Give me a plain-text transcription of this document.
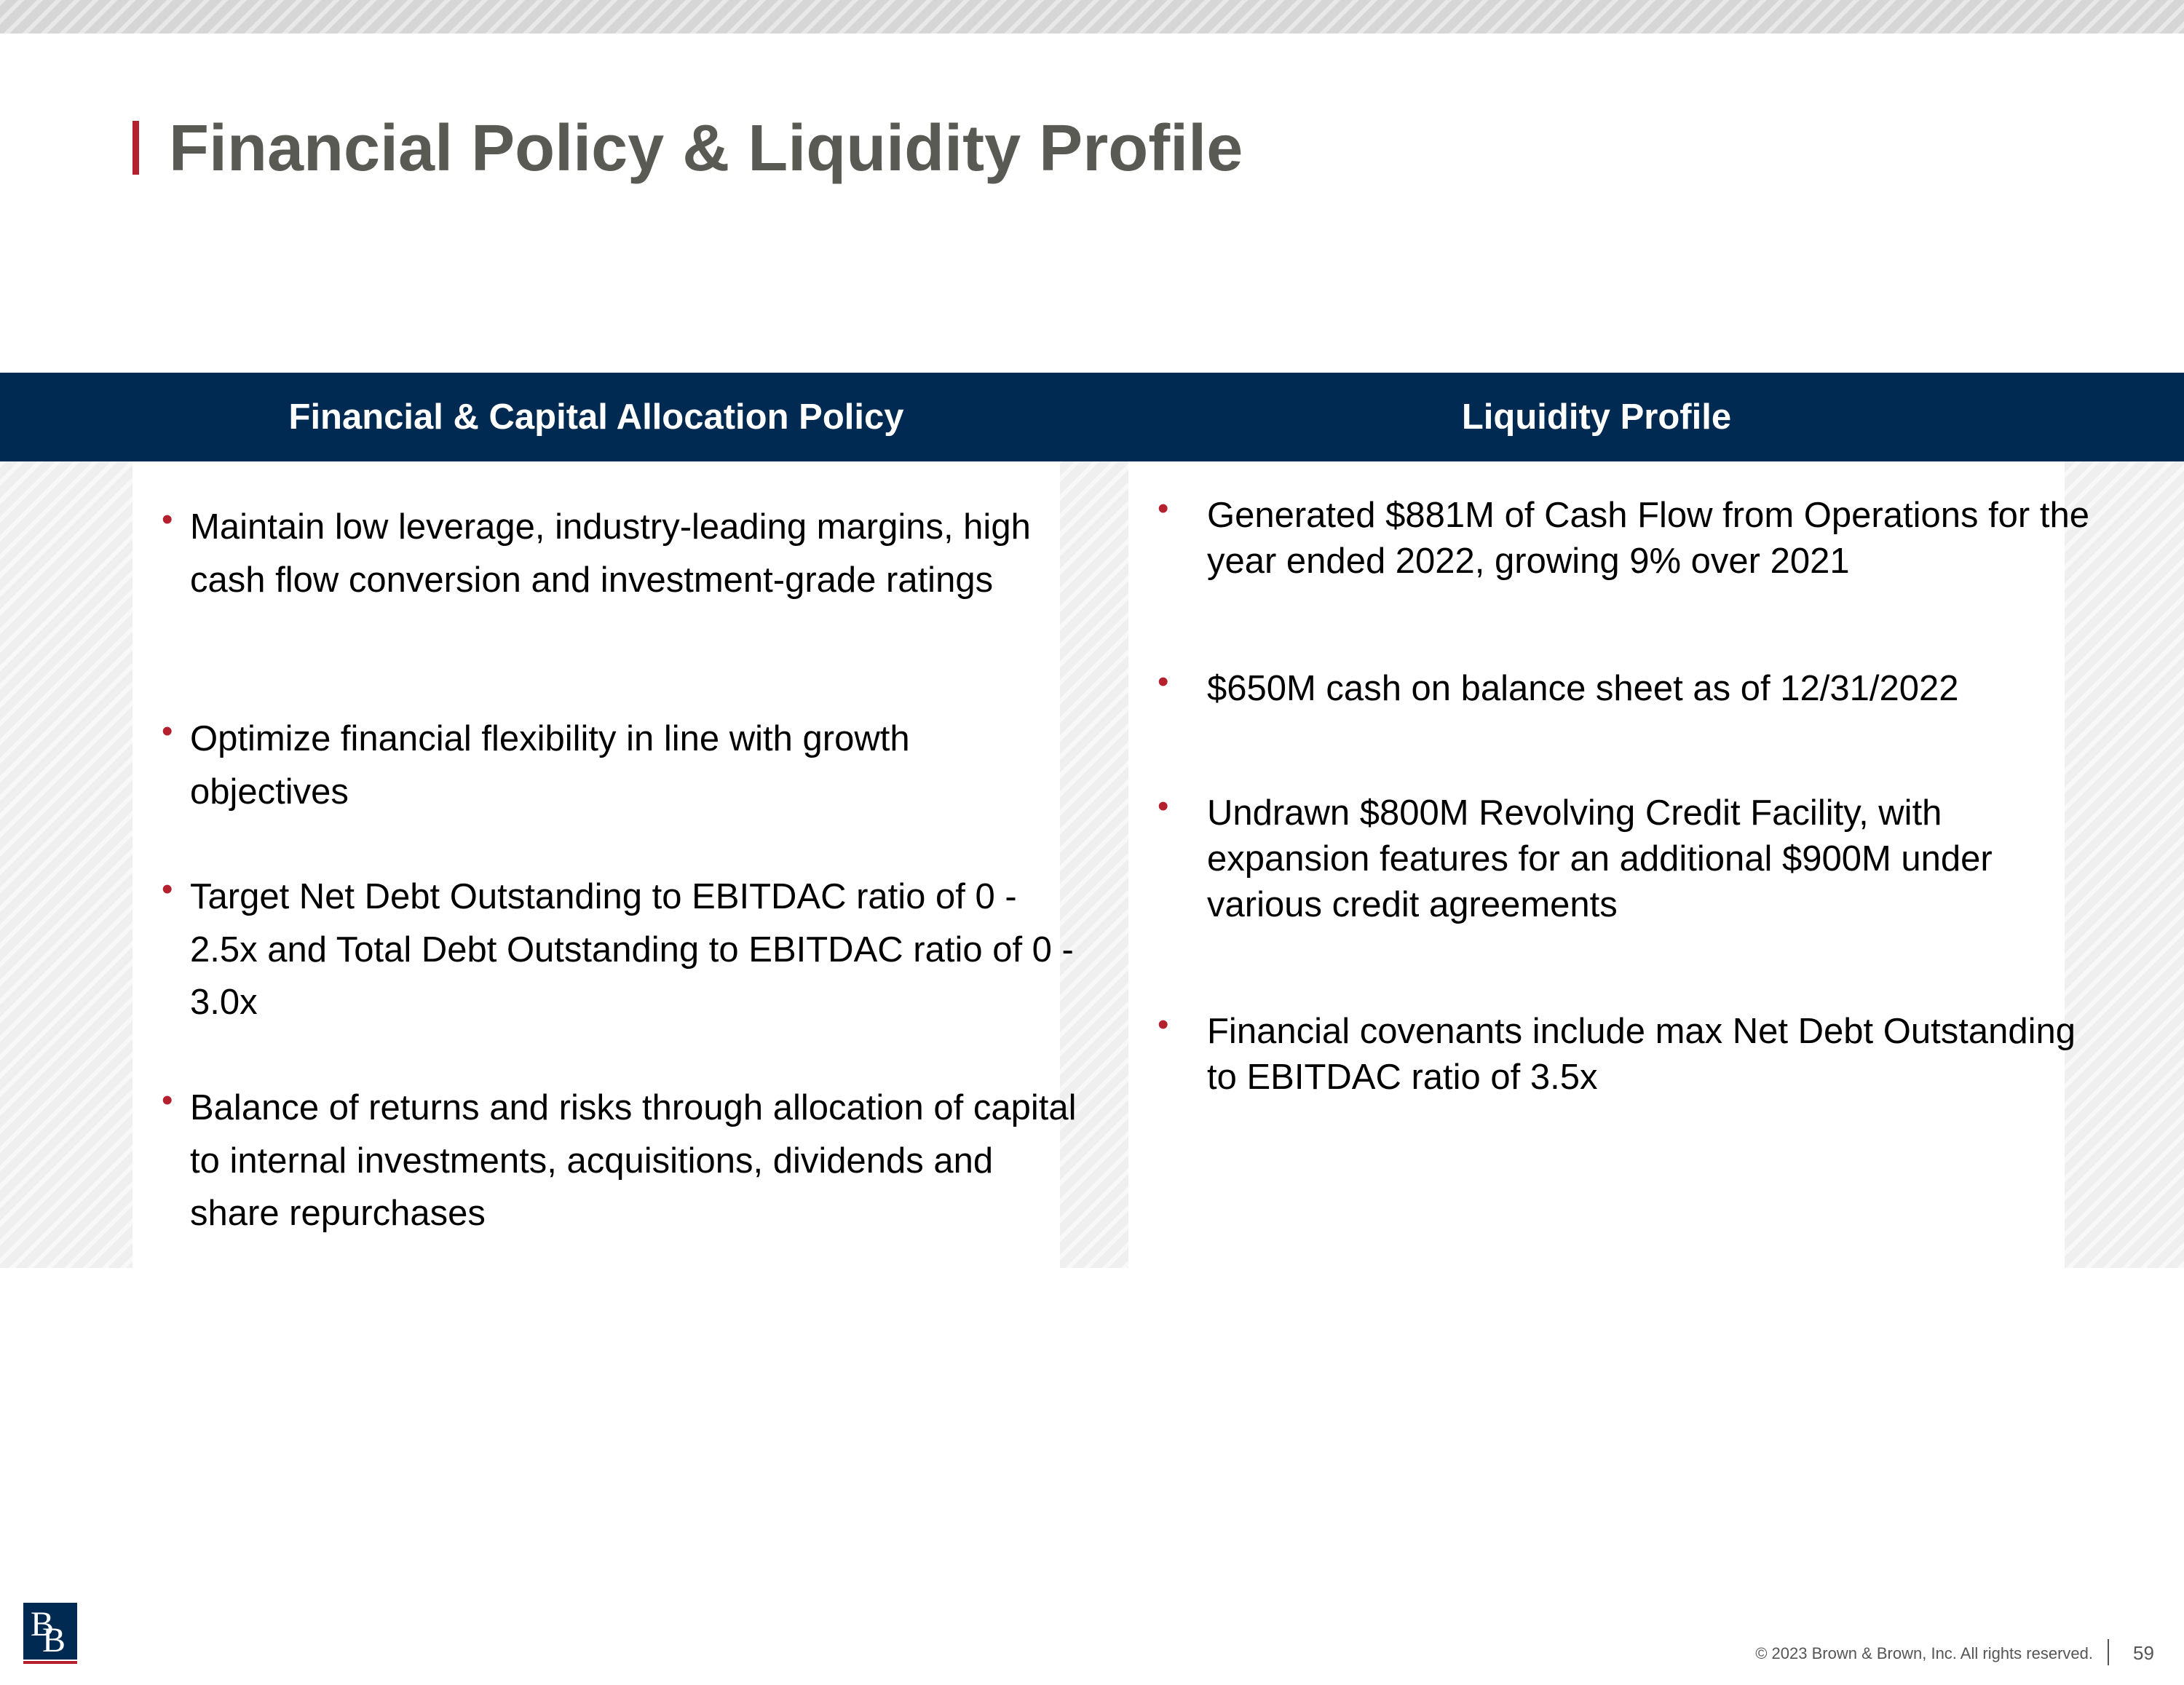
Financial Policy & Liquidity Profile
Financial & Capital Allocation Policy	Liquidity Profile
• Maintain low leverage, industry-leading margins, high cash flow conversion and investment-grade ratings
• Optimize financial flexibility in line with growth objectives
• Target Net Debt Outstanding to EBITDAC ratio of 0 - 2.5x and Total Debt Outstanding to EBITDAC ratio of 0 - 3.0x
• Balance of returns and risks through allocation of capital to internal investments, acquisitions, dividends and share repurchases
• Generated $881M of Cash Flow from Operations for the year ended 2022, growing 9% over 2021
• $650M cash on balance sheet as of 12/31/2022
• Undrawn $800M Revolving Credit Facility, with expansion features for an additional $900M under various credit agreements
• Financial covenants include max Net Debt Outstanding to EBITDAC ratio of 3.5x
B
B	© 2023 Brown & Brown, Inc. All rights reserved. 59
